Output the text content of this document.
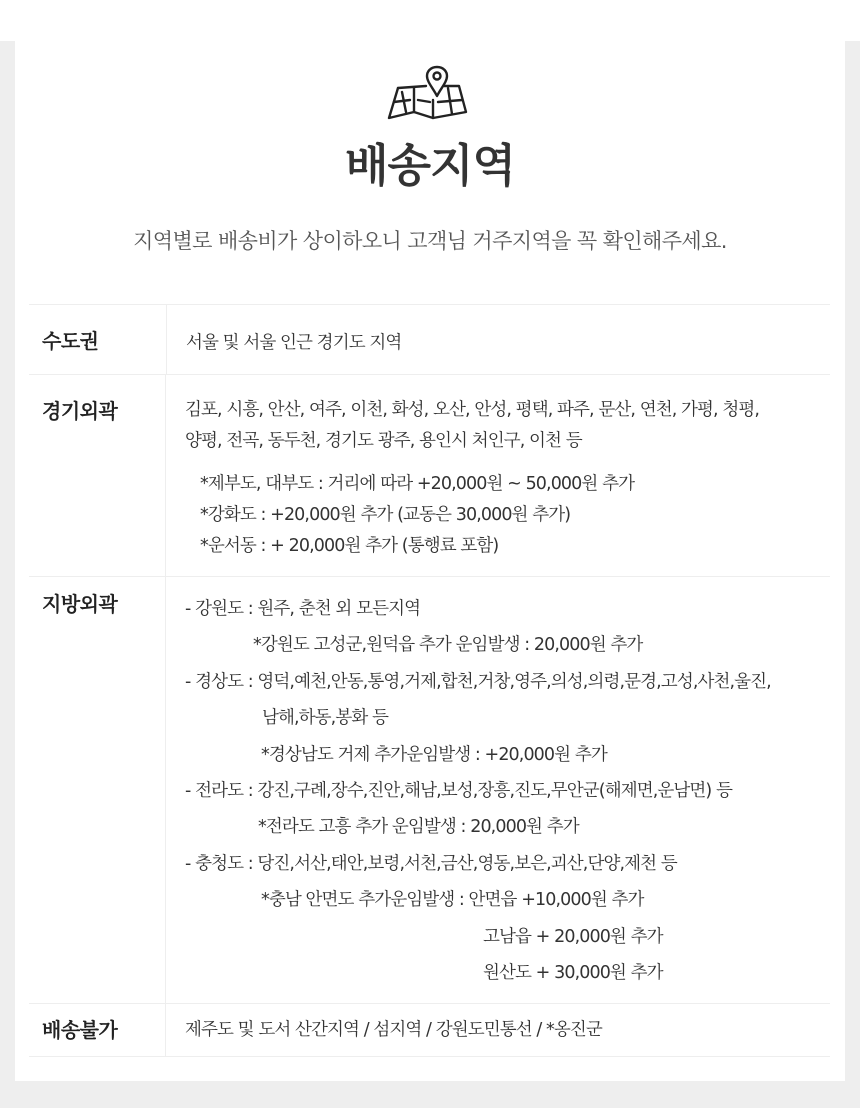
배송지역
지역별로 배송비가 상이하오니 고객님 거주지역을 꼭 확인해주세요.
수도권	서울 및 서울 인근 경기도 지역
경기외곽	김포, 시흥, 안산, 여주, 이천, 화성, 오산, 안성, 평택, 파주, 문산, 연천, 가평, 청평,
양평, 전곡, 동두천, 경기도 광주, 용인시 처인구, 이천 등
*제부도, 대부도 : 거리에 따라 +20,000원 ~ 50,000원 추가
*강화도 : +20,000원 추가 (교동은 30,000원 추가)
*운서동 : + 20,000원 추가 (통행료 포함)
지방외곽	- 강원도 : 원주, 춘천 외 모든지역
*강원도 고성군,원덕읍 추가 운임발생 : 20,000원 추가
- 경상도 : 영덕,예천,안동,통영,거제,합천,거창,영주,의성,의령,문경,고성,사천,울진,
남해,하동,봉화 등
*경상남도 거제 추가운임발생 : +20,000원 추가
- 전라도 : 강진,구례,장수,진안,해남,보성,장흥,진도,무안군(해제면,운남면) 등
*전라도 고흥 추가 운임발생 : 20,000원 추가
- 충청도 : 당진,서산,태안,보령,서천,금산,영동,보은,괴산,단양,제천 등
*충남 안면도 추가운임발생 : 안면읍 +10,000원 추가
고남읍 + 20,000원 추가
원산도 + 30,000원 추가
배송불가	제주도 및 도서 산간지역 / 섬지역 / 강원도민통선 / *옹진군
